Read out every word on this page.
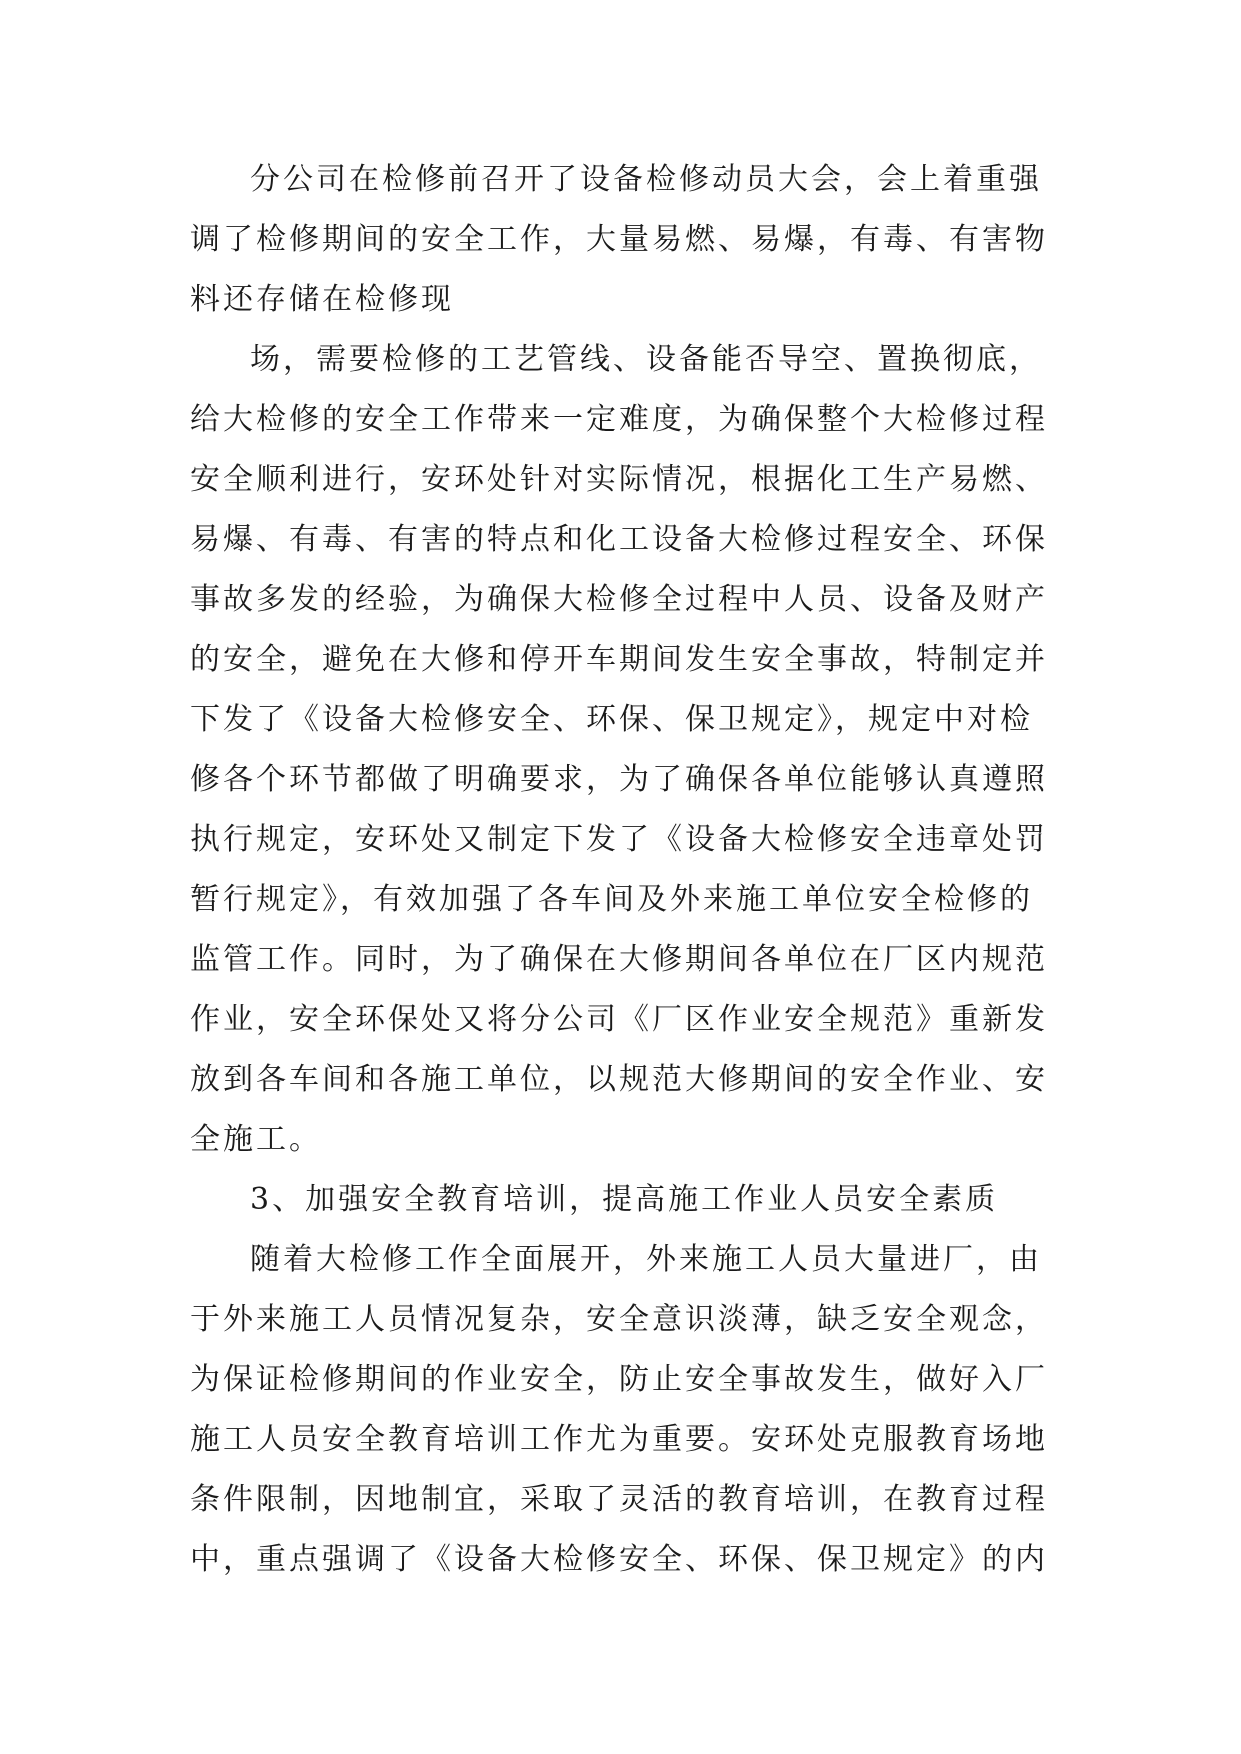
分公司在检修前召开了设备检修动员大会，会上着重强
调了检修期间的安全工作，大量易燃、易爆，有毒、有害物
料还存储在检修现
场，需要检修的工艺管线、设备能否导空、置换彻底，
给大检修的安全工作带来一定难度，为确保整个大检修过程
安全顺利进行，安环处针对实际情况，根据化工生产易燃、
易爆、有毒、有害的特点和化工设备大检修过程安全、环保
事故多发的经验，为确保大检修全过程中人员、设备及财产
的安全，避免在大修和停开车期间发生安全事故，特制定并
下发了《设备大检修安全、环保、保卫规定》，规定中对检
修各个环节都做了明确要求，为了确保各单位能够认真遵照
执行规定，安环处又制定下发了《设备大检修安全违章处罚
暂行规定》，有效加强了各车间及外来施工单位安全检修的
监管工作。同时，为了确保在大修期间各单位在厂区内规范
作业，安全环保处又将分公司《厂区作业安全规范》重新发
放到各车间和各施工单位，以规范大修期间的安全作业、安
全施工。
3、加强安全教育培训，提高施工作业人员安全素质
随着大检修工作全面展开，外来施工人员大量进厂，由
于外来施工人员情况复杂，安全意识淡薄，缺乏安全观念，
为保证检修期间的作业安全，防止安全事故发生，做好入厂
施工人员安全教育培训工作尤为重要。安环处克服教育场地
条件限制，因地制宜，采取了灵活的教育培训，在教育过程
中，重点强调了《设备大检修安全、环保、保卫规定》的内
